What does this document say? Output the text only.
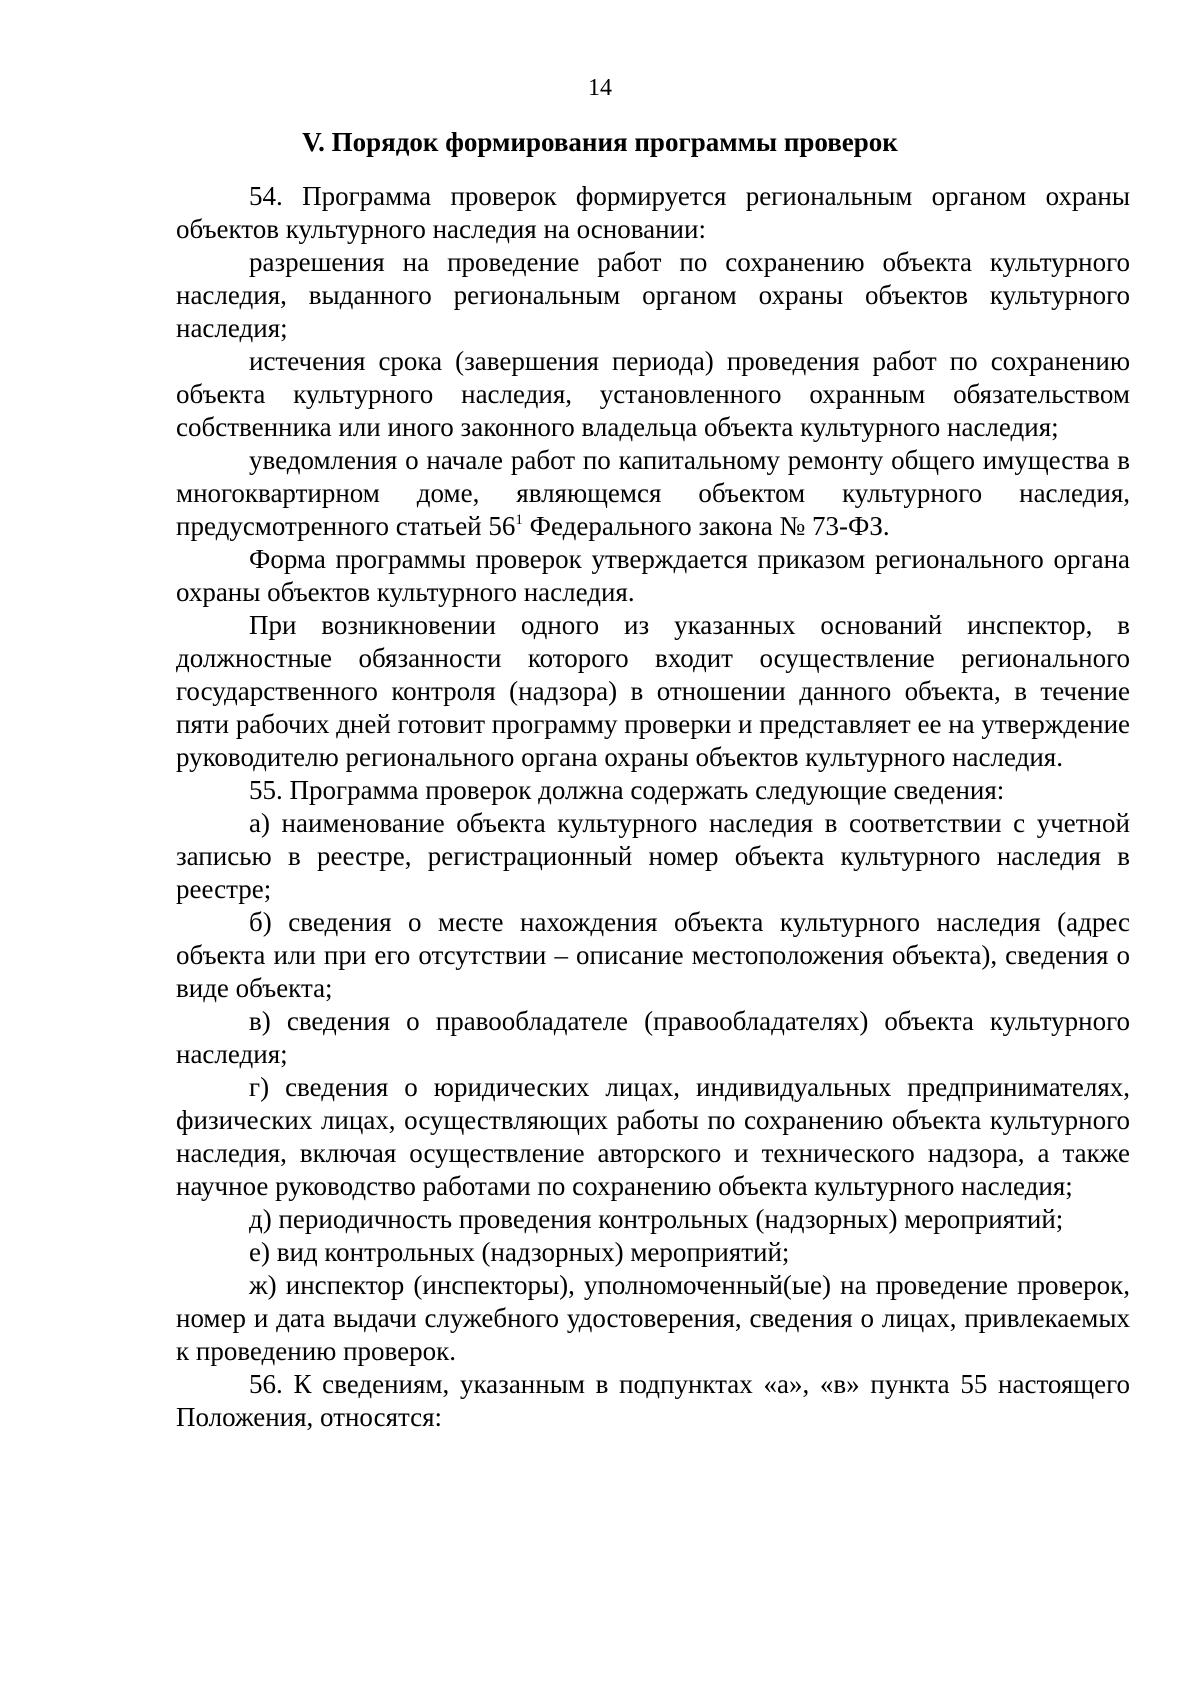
14
V. Порядок формирования программы проверок

54. Программа проверок формируется региональным органом охраны объектов культурного наследия на основании:

разрешения на проведение работ по сохранению объекта культурного наследия, выданного региональным органом охраны объектов культурного наследия;

истечения срока (завершения периода) проведения работ по сохранению объекта культурного наследия, установленного охранным обязательством собственника или иного законного владельца объекта культурного наследия;

уведомления о начале работ по капитальному ремонту общего имущества в многоквартирном доме, являющемся объектом культурного наследия, предусмотренного статьей $56^1$ Федерального закона № 73-ФЗ.

Форма программы проверок утверждается приказом регионального органа охраны объектов культурного наследия.

При возникновении одного из указанных оснований инспектор, в должностные обязанности которого входит осуществление регионального государственного контроля (надзора) в отношении данного объекта, в течение пяти рабочих дней готовит программу проверки и представляет ее на утверждение руководителю регионального органа охраны объектов культурного наследия.

55. Программа проверок должна содержать следующие сведения:

а) наименование объекта культурного наследия в соответствии с учетной записью в реестре, регистрационный номер объекта культурного наследия в реестре;

б) сведения о месте нахождения объекта культурного наследия (адрес объекта или при его отсутствии – описание местоположения объекта), сведения о виде объекта;

в) сведения о правообладателе (правообладателях) объекта культурного наследия;

г) сведения о юридических лицах, индивидуальных предпринимателях, физических лицах, осуществляющих работы по сохранению объекта культурного наследия, включая осуществление авторского и технического надзора, а также научное руководство работами по сохранению объекта культурного наследия;

д) периодичность проведения контрольных (надзорных) мероприятий;

е) вид контрольных (надзорных) мероприятий;

ж) инспектор (инспекторы), уполномоченный(ые) на проведение проверок, номер и дата выдачи служебного удостоверения, сведения о лицах, привлекаемых к проведению проверок.

56. К сведениям, указанным в подпунктах «а», «в» пункта 55 настоящего Положения, относятся:
